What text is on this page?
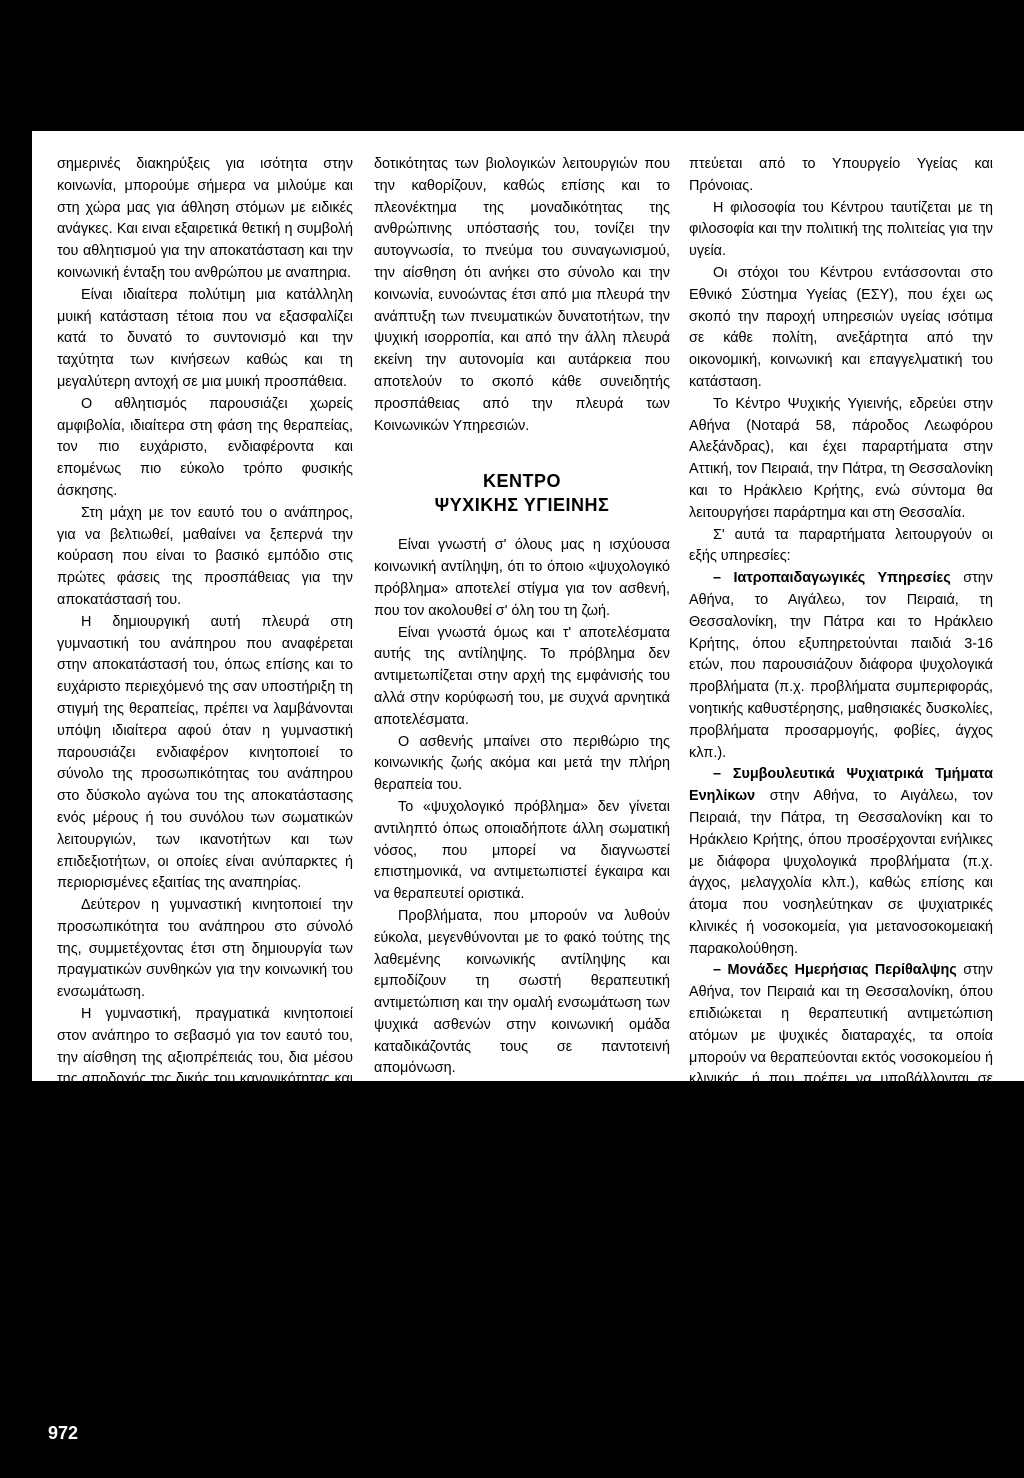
σημερινές διακηρύξεις για ισότητα στην κοινωνία, μπορούμε σήμερα να μιλούμε και στη χώρα μας για άθληση στόμων με ειδικές ανάγκες. Και ειναι εξαιρετικά θετική η συμβολή του αθλητισμού για την αποκατάσταση και την κοινωνική ένταξη του ανθρώπου με αναπηρια.

Είναι ιδιαίτερα πολύτιμη μια κατάλληλη μυική κατάσταση τέτοια που να εξασφαλίζει κατά το δυνατό το συντονισμό και την ταχύτητα των κινήσεων καθώς και τη μεγαλύτερη αντοχή σε μια μυική προσπάθεια.

Ο αθλητισμός παρουσιάζει χωρείς αμφιβολία, ιδιαίτερα στη φάση της θεραπείας, τον πιο ευχάριστο, ενδιαφέροντα και επομένως πιο εύκολο τρόπο φυσικής άσκησης.

Στη μάχη με τον εαυτό του ο ανάπηρος, για να βελτιωθεί, μαθαίνει να ξεπερνά την κούραση που είναι το βασικό εμπόδιο στις πρώτες φάσεις της προσπάθειας για την αποκατάστασή του.

Η δημιουργική αυτή πλευρά στη γυμναστική του ανάπηρου που αναφέρεται στην αποκατάστασή του, όπως επίσης και το ευχάριστο περιεχόμενό της σαν υποστήριξη τη στιγμή της θεραπείας, πρέπει να λαμβάνονται υπόψη ιδιαίτερα αφού όταν η γυμναστική παρουσιάζει ενδιαφέρον κινητοποιεί το σύνολο της προσωπικότητας του ανάπηρου στο δύσκολο αγώνα του της αποκατάστασης ενός μέρους ή του συνόλου των σωματικών λειτουργιών, των ικανοτήτων και των επιδεξιοτήτων, οι οποίες είναι ανύπαρκτες ή περιορισμένες εξαιτίας της αναπηρίας.

Δεύτερον η γυμναστική κινητοποιεί την προσωπικότητα του ανάπηρου στο σύνολό της, συμμετέχοντας έτσι στη δημιουργία των πραγματικών συνθηκών για την κοινωνική του ενσωμάτωση.

Η γυμναστική, πραγματικά κινητοποιεί στον ανάπηρο το σεβασμό για τον εαυτό του, την αίσθηση της αξιοπρέπειάς του, δια μέσου της αποδοχής της δικής του κανονικότητας και της περιορισμένης απο-

δοτικότητας των βιολογικών λειτουργιών που την καθορίζουν, καθώς επίσης και το πλεονέκτημα της μοναδικότητας της ανθρώπινης υπόστασής του, τονίζει την αυτογνωσία, το πνεύμα του συναγωνισμού, την αίσθηση ότι ανήκει στο σύνολο και την κοινωνία, ευνοώντας έτσι από μια πλευρά την ανάπτυξη των πνευματικών δυνατοτήτων, την ψυχική ισορροπία, και από την άλλη πλευρά εκείνη την αυτονομία και αυτάρκεια που αποτελούν το σκοπό κάθε συνειδητής προσπάθειας από την πλευρά των Κοινωνικών Υπηρεσιών.

ΚΕΝΤΡΟ
ΨΥΧΙΚΗΣ ΥΓΙΕΙΝΗΣ

Είναι γνωστή σ' όλους μας η ισχύουσα κοινωνική αντίληψη, ότι το όποιο «ψυχολογικό πρόβλημα» αποτελεί στίγμα για τον ασθενή, που τον ακολουθεί σ' όλη του τη ζωή.

Είναι γνωστά όμως και τ' αποτελέσματα αυτής της αντίληψης. Το πρόβλημα δεν αντιμετωπίζεται στην αρχή της εμφάνισής του αλλά στην κορύφωσή του, με συχνά αρνητικά αποτελέσματα.

Ο ασθενής μπαίνει στο περιθώριο της κοινωνικής ζωής ακόμα και μετά την πλήρη θεραπεία του.

Το «ψυχολογικό πρόβλημα» δεν γίνεται αντιληπτό όπως οποιαδήποτε άλλη σωματική νόσος, που μπορεί να διαγνωστεί επιστημονικά, να αντιμετωπιστεί έγκαιρα και να θεραπευτεί οριστικά.

Προβλήματα, που μπορούν να λυθούν εύκολα, μεγενθύνονται με το φακό τούτης της λαθεμένης κοινωνικής αντίληψης και εμποδίζουν τη σωστή θεραπευτική αντιμετώπιση και την ομαλή ενσωμάτωση των ψυχικά ασθενών στην κοινωνική ομάδα καταδικάζοντάς τους σε παντοτεινή απομόνωση.

Το Κέντρο Ψυχικής Υγιεινής (Κ.Ψ.Υ.) είναι κοινοφελές ίδρυμα που χρηματοδοτείται και επο-

πτεύεται από το Υπουργείο Υγείας και Πρόνοιας.

Η φιλοσοφία του Κέντρου ταυτίζεται με τη φιλοσοφία και την πολιτική της πολιτείας για την υγεία.

Οι στόχοι του Κέντρου εντάσσονται στο Εθνικό Σύστημα Υγείας (ΕΣΥ), που έχει ως σκοπό την παροχή υπηρεσιών υγείας ισότιμα σε κάθε πολίτη, ανεξάρτητα από την οικονομική, κοινωνική και επαγγελματική του κατάσταση.

Το Κέντρο Ψυχικής Υγιεινής, εδρεύει στην Αθήνα (Νοταρά 58, πάροδος Λεωφόρου Αλεξάνδρας), και έχει παραρτήματα στην Αττική, τον Πειραιά, την Πάτρα, τη Θεσσαλονίκη και το Ηράκλειο Κρήτης, ενώ σύντομα θα λειτουργήσει παράρτημα και στη Θεσσαλία.

Σ' αυτά τα παραρτήματα λειτουργούν οι εξής υπηρεσίες:

– Ιατροπαιδαγωγικές Υπηρεσίες στην Αθήνα, το Αιγάλεω, τον Πειραιά, τη Θεσσαλονίκη, την Πάτρα και το Ηράκλειο Κρήτης, όπου εξυπηρετούνται παιδιά 3-16 ετών, που παρουσιάζουν διάφορα ψυχολογικά προβλήματα (π.χ. προβλήματα συμπεριφοράς, νοητικής καθυστέρησης, μαθησιακές δυσκολίες, προβλήματα προσαρμογής, φοβίες, άγχος κλπ.).

– Συμβουλευτικά Ψυχιατρικά Τμήματα Ενηλίκων στην Αθήνα, το Αιγάλεω, τον Πειραιά, την Πάτρα, τη Θεσσαλονίκη και το Ηράκλειο Κρήτης, όπου προσέρχονται ενήλικες με διάφορα ψυχολογικά προβλήματα (π.χ. άγχος, μελαγχολία κλπ.), καθώς επίσης και άτομα που νοσηλεύτηκαν σε ψυχιατρικές κλινικές ή νοσοκομεία, για μετανοσοκομειακή παρακολούθηση.

– Μονάδες Ημερήσιας Περίθαλψης στην Αθήνα, τον Πειραιά και τη Θεσσαλονίκη, όπου επιδιώκεται η θεραπευτική αντιμετώπιση ατόμων με ψυχικές διαταραχές, τα οποία μπορούν να θεραπεύονται εκτός νοσοκομείου ή κλινικής, ή που πρέπει να υποβάλλονται σε συστηματική θεραπεία μετά την έξοδό τους από το νοσοκομείο.

972
